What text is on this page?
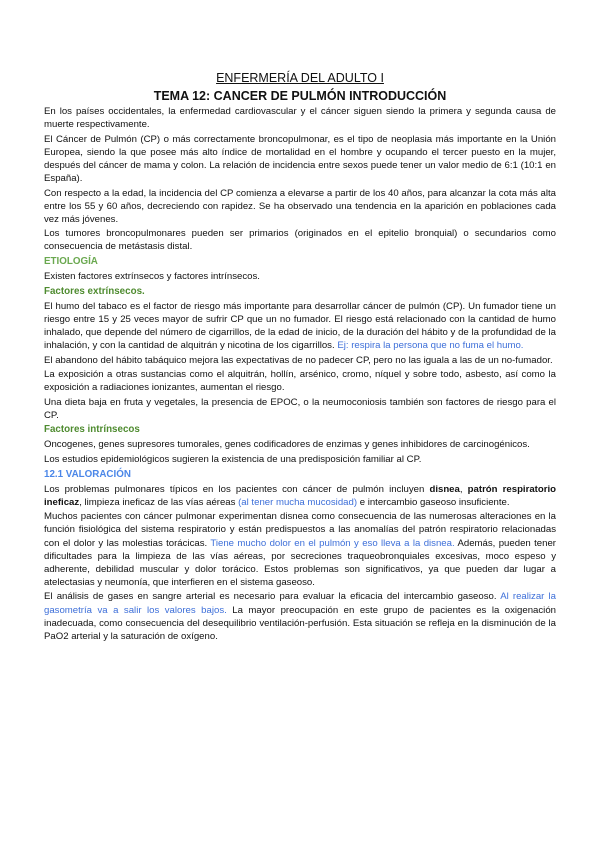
ENFERMERÍA DEL ADULTO I
TEMA 12: CANCER DE PULMÓN INTRODUCCIÓN

En los países occidentales, la enfermedad cardiovascular y el cáncer siguen siendo la primera y segunda causa de muerte respectivamente.

El Cáncer de Pulmón (CP) o más correctamente broncopulmonar, es el tipo de neoplasia más importante en la Unión Europea, siendo la que posee más alto índice de mortalidad en el hombre y ocupando el tercer puesto en la mujer, después del cáncer de mama y colon. La relación de incidencia entre sexos puede tener un valor medio de 6:1 (10:1 en España).

Con respecto a la edad, la incidencia del CP comienza a elevarse a partir de los 40 años, para alcanzar la cota más alta entre los 55 y 60 años, decreciendo con rapidez. Se ha observado una tendencia en la aparición en poblaciones cada vez más jóvenes.

Los tumores broncopulmonares pueden ser primarios (originados en el epitelio bronquial) o secundarios como consecuencia de metástasis distal.

ETIOLOGÍA

Existen factores extrínsecos y factores intrínsecos.

Factores extrínsecos.

El humo del tabaco es el factor de riesgo más importante para desarrollar cáncer de pulmón (CP). Un fumador tiene un riesgo entre 15 y 25 veces mayor de sufrir CP que un no fumador. El riesgo está relacionado con la cantidad de humo inhalado, que depende del número de cigarrillos, de la edad de inicio, de la duración del hábito y de la profundidad de la inhalación, y con la cantidad de alquitrán y nicotina de los cigarrillos. Ej: respira la persona que no fuma el humo.

El abandono del hábito tabáquico mejora las expectativas de no padecer CP, pero no las iguala a las de un no-fumador.

La exposición a otras sustancias como el alquitrán, hollín, arsénico, cromo, níquel y sobre todo, asbesto, así como la exposición a radiaciones ionizantes, aumentan el riesgo.

Una dieta baja en fruta y vegetales, la presencia de EPOC, o la neumoconiosis también son factores de riesgo para el CP.

Factores intrínsecos

Oncogenes, genes supresores tumorales, genes codificadores de enzimas y genes inhibidores de carcinogénicos.

Los estudios epidemiológicos sugieren la existencia de una predisposición familiar al CP.

12.1 VALORACIÓN

Los problemas pulmonares típicos en los pacientes con cáncer de pulmón incluyen disnea, patrón respiratorio ineficaz, limpieza ineficaz de las vías aéreas (al tener mucha mucosidad) e intercambio gaseoso insuficiente.

Muchos pacientes con cáncer pulmonar experimentan disnea como consecuencia de las numerosas alteraciones en la función fisiológica del sistema respiratorio y están predispuestos a las anomalías del patrón respiratorio relacionadas con el dolor y las molestias torácicas. Tiene mucho dolor en el pulmón y eso lleva a la disnea. Además, pueden tener dificultades para la limpieza de las vías aéreas, por secreciones traqueobronquiales excesivas, moco espeso y adherente, debilidad muscular y dolor torácico. Estos problemas son significativos, ya que pueden dar lugar a atelectasias y neumonía, que interfieren en el sistema gaseoso.

El análisis de gases en sangre arterial es necesario para evaluar la eficacia del intercambio gaseoso. Al realizar la gasometría va a salir los valores bajos. La mayor preocupación en este grupo de pacientes es la oxigenación inadecuada, como consecuencia del desequilibrio ventilación-perfusión. Esta situación se refleja en la disminución de la PaO2 arterial y la saturación de oxígeno.
